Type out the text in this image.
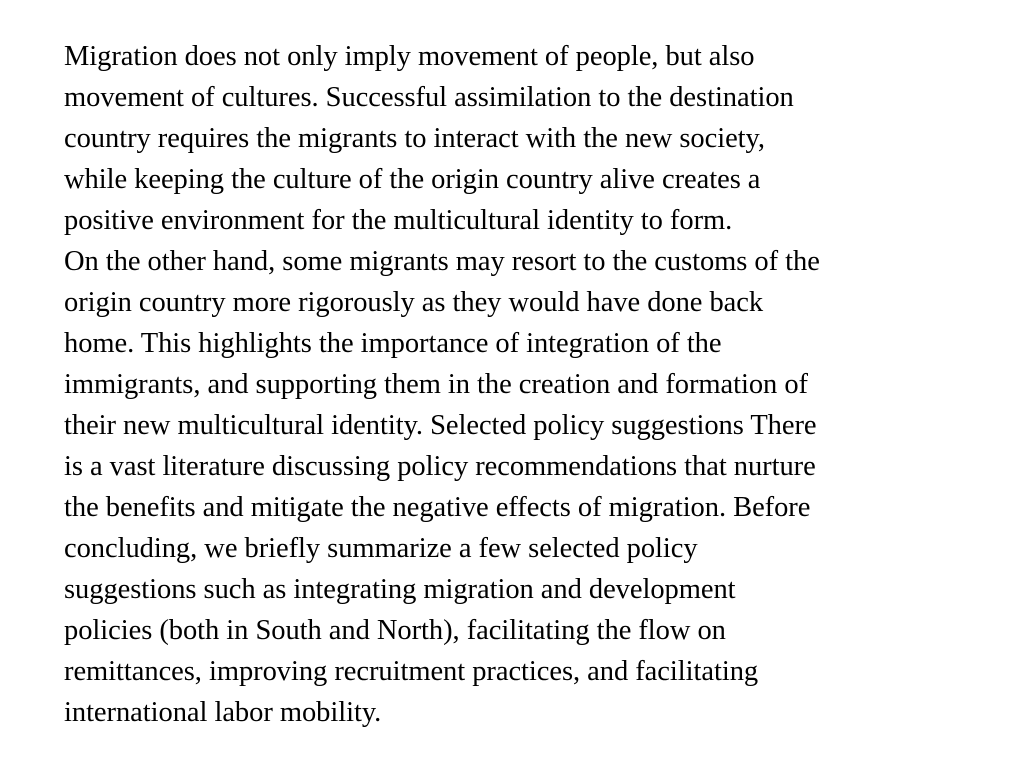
Migration does not only imply movement of people, but also
movement of cultures. Successful assimilation to the destination
country requires the migrants to interact with the new society,
while keeping the culture of the origin country alive creates a
positive environment for the multicultural identity to form.
On the other hand, some migrants may resort to the customs of the
origin country more rigorously as they would have done back
home. This highlights the importance of integration of the
immigrants, and supporting them in the creation and formation of
their new multicultural identity. Selected policy suggestions There
is a vast literature discussing policy recommendations that nurture
the benefits and mitigate the negative effects of migration. Before
concluding, we briefly summarize a few selected policy
suggestions such as integrating migration and development
policies (both in South and North), facilitating the flow on
remittances, improving recruitment practices, and facilitating
international labor mobility.
